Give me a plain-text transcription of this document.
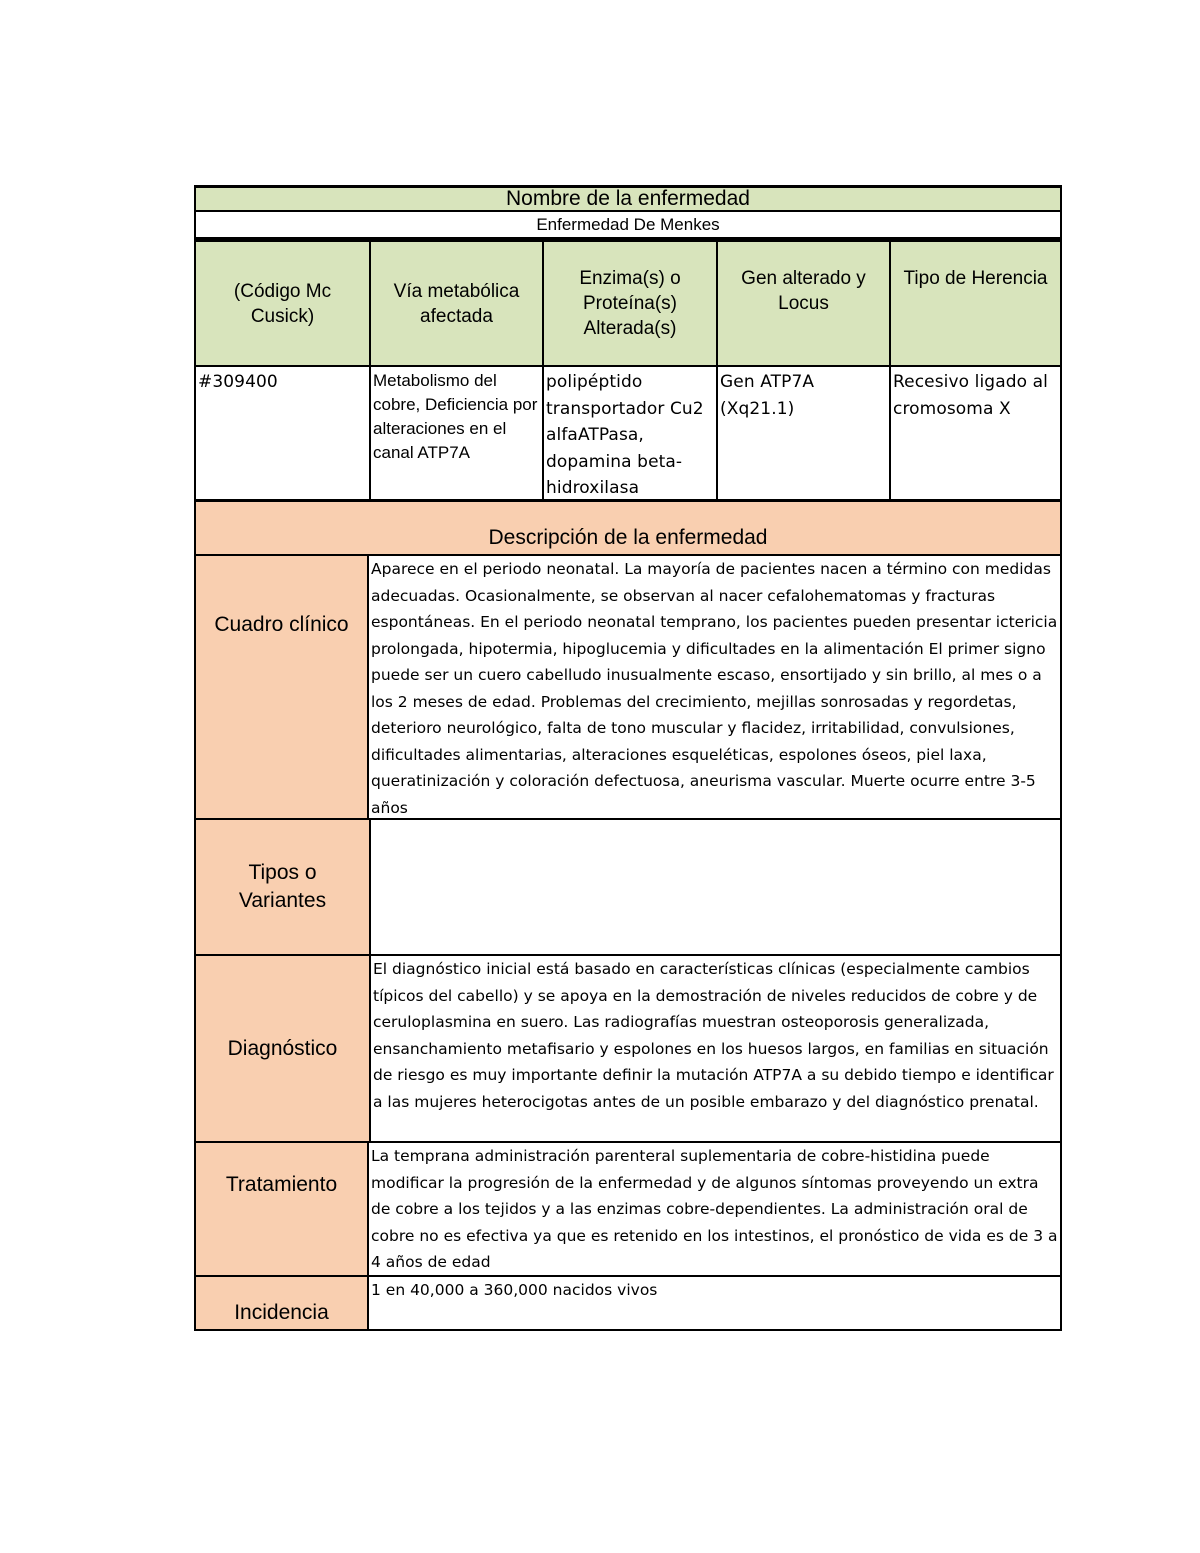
Nombre de la enfermedad
Enfermedad De Menkes
(Código Mc Cusick)
Vía metabólica afectada
Enzima(s) o Proteína(s) Alterada(s)
Gen alterado y Locus
Tipo de Herencia
#309400	Metabolismo del cobre, Deficiencia por alteraciones en el canal ATP7A
polipéptido transportador Cu2 alfaATPasa, dopamina beta-hidroxilasa
Gen ATP7A (Xq21.1)
Recesivo ligado al cromosoma X
Descripción de la enfermedad
Cuadro clínico
Aparece en el periodo neonatal. La mayoría de pacientes nacen a término con medidas adecuadas. Ocasionalmente, se observan al nacer cefalohematomas y fracturas espontáneas. En el periodo neonatal temprano, los pacientes pueden presentar ictericia prolongada, hipotermia, hipoglucemia y dificultades en la alimentación El primer signo puede ser un cuero cabelludo inusualmente escaso, ensortijado y sin brillo, al mes o a los 2 meses de edad. Problemas del crecimiento, mejillas sonrosadas y regordetas, deterioro neurológico, falta de tono muscular y flacidez, irritabilidad, convulsiones, dificultades alimentarias, alteraciones esqueléticas, espolones óseos, piel laxa, queratinización y coloración defectuosa, aneurisma vascular. Muerte ocurre entre 3-5 años
Tipos o Variantes
Diagnóstico
El diagnóstico inicial está basado en características clínicas (especialmente cambios típicos del cabello) y se apoya en la demostración de niveles reducidos de cobre y de ceruloplasmina en suero. Las radiografías muestran osteoporosis generalizada, ensanchamiento metafisario y espolones en los huesos largos, en familias en situación de riesgo es muy importante definir la mutación ATP7A a su debido tiempo e identificar a las mujeres heterocigotas antes de un posible embarazo y del diagnóstico prenatal.
Tratamiento
La temprana administración parenteral suplementaria de cobre-histidina puede modificar la progresión de la enfermedad y de algunos síntomas proveyendo un extra de cobre a los tejidos y a las enzimas cobre-dependientes. La administración oral de cobre no es efectiva ya que es retenido en los intestinos, el pronóstico de vida es de 3 a 4 años de edad
Incidencia
1 en 40,000 a 360,000 nacidos vivos
